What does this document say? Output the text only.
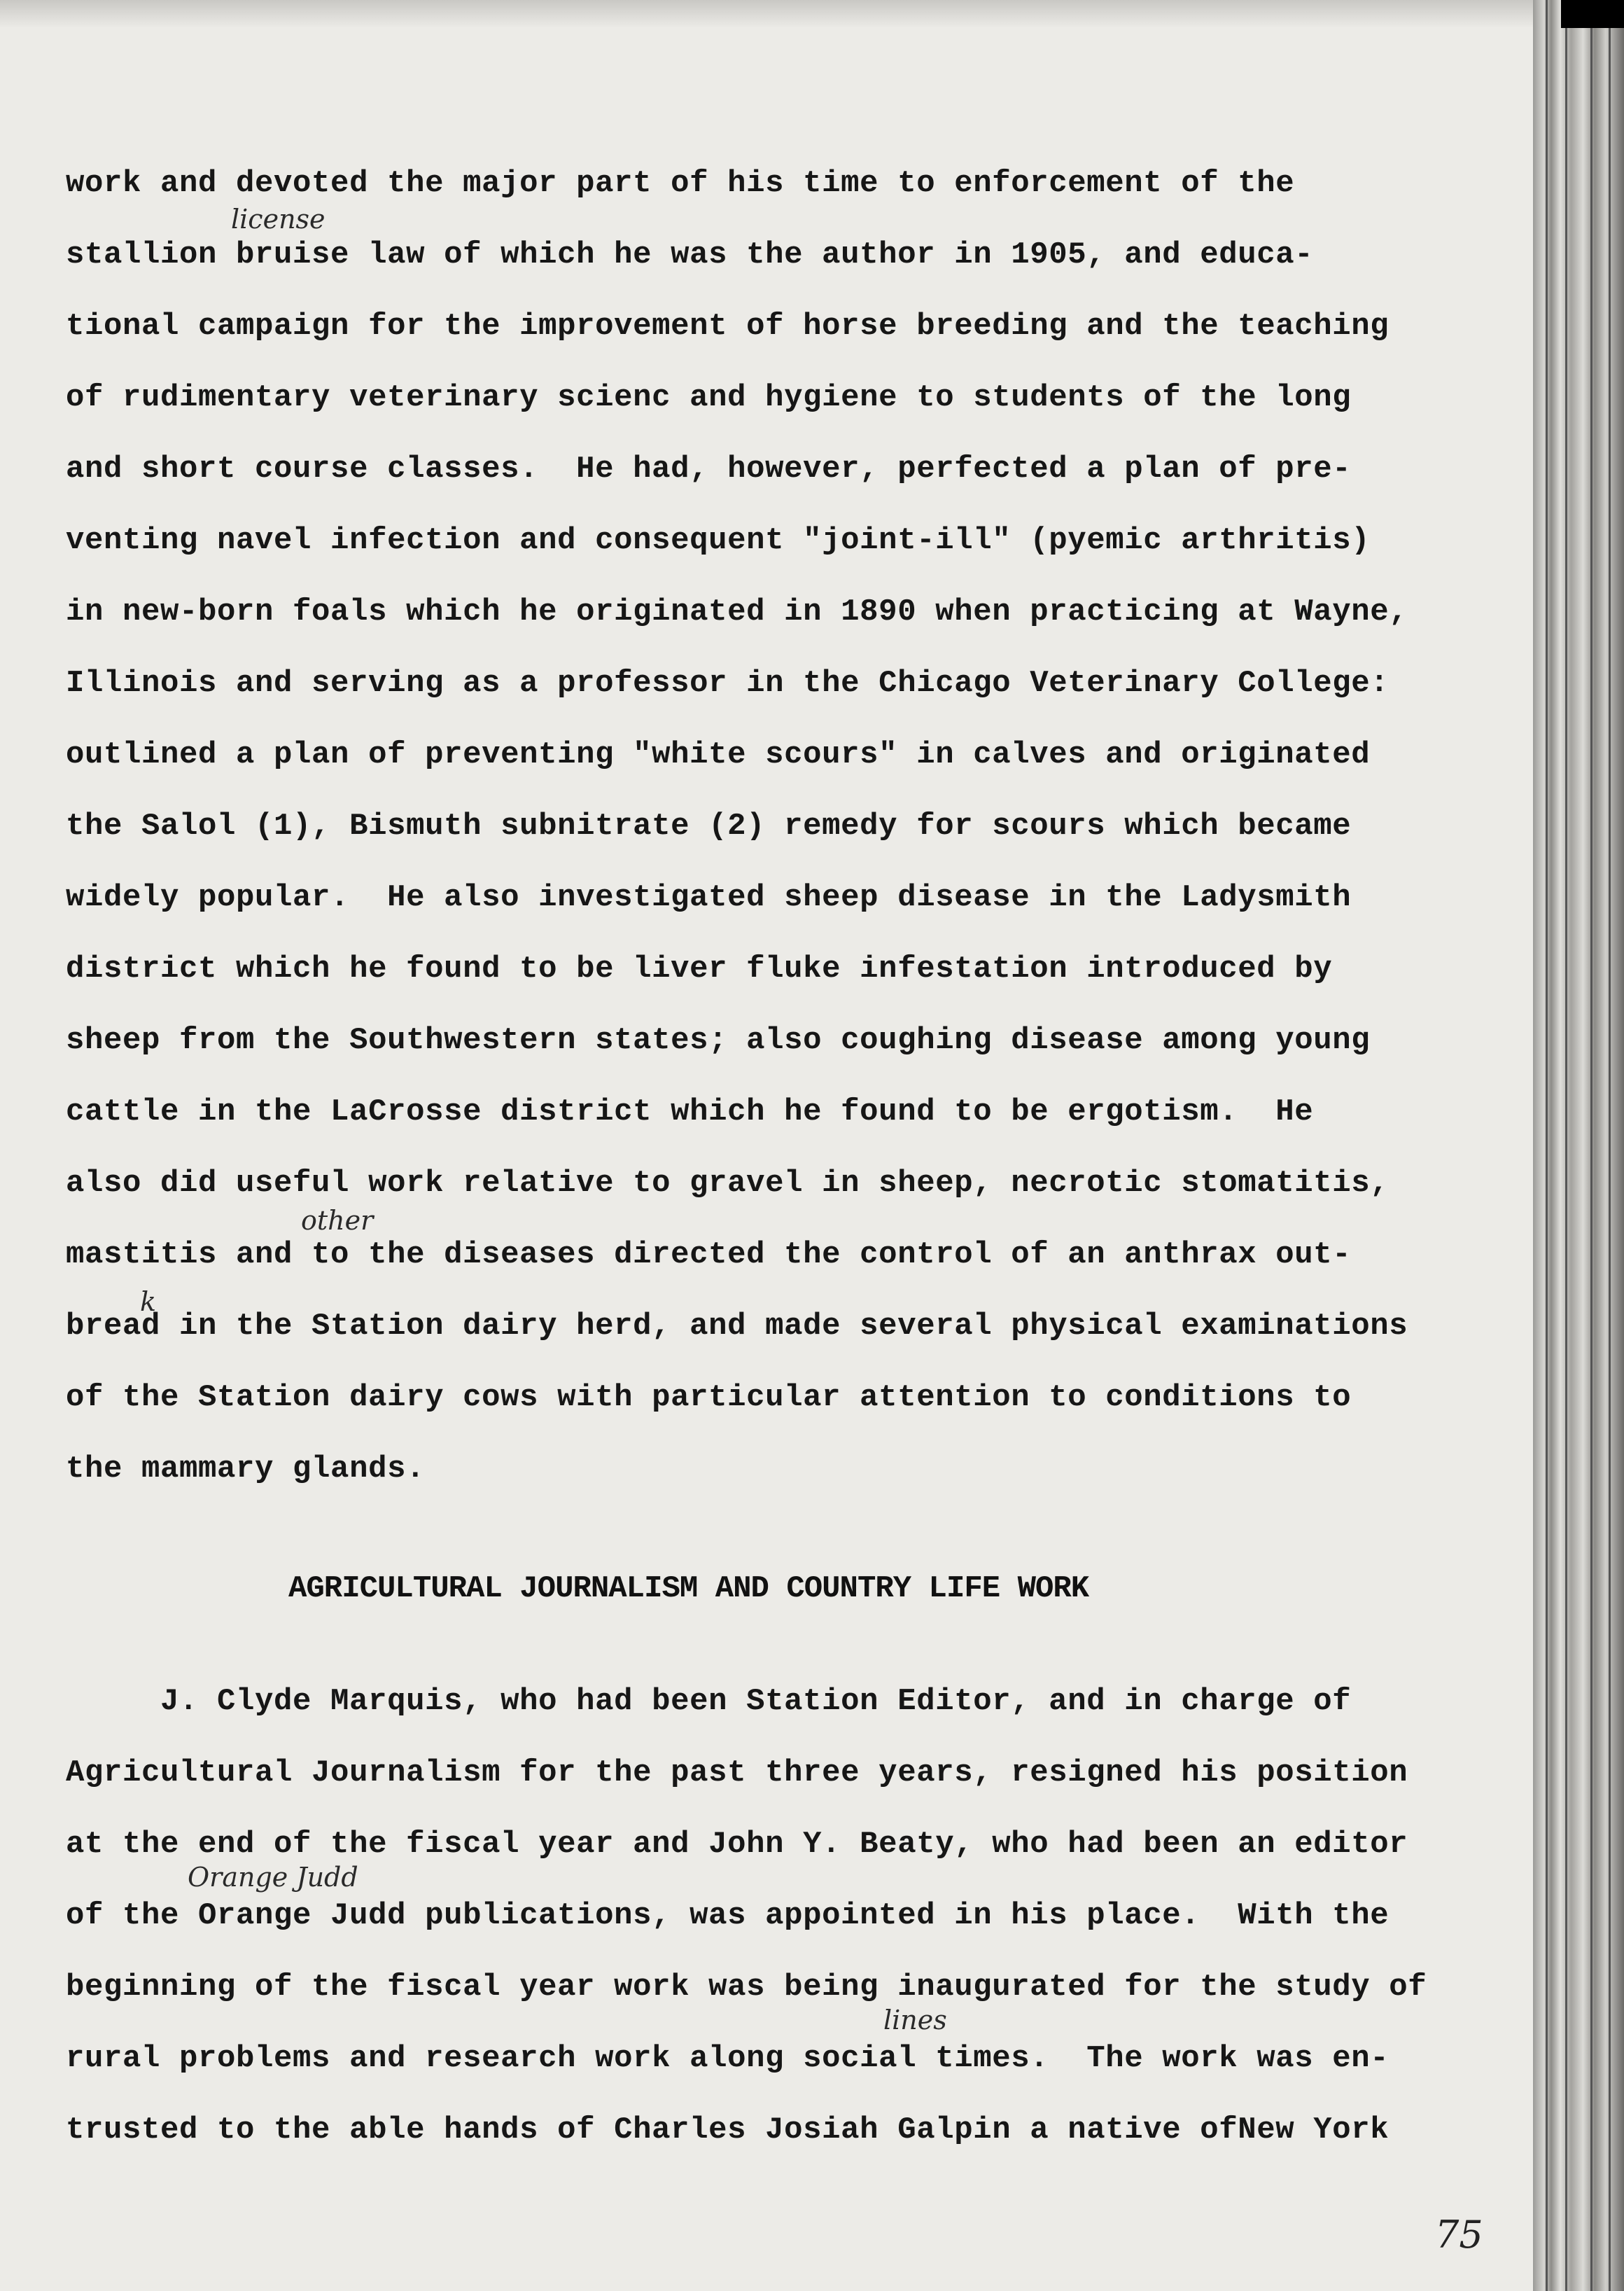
work and devoted the major part of his time to enforcement of the

stallion bruise law of which he was the author in 1905, and educa-

tional campaign for the improvement of horse breeding and the teaching

of rudimentary veterinary scienc and hygiene to students of the long

and short course classes.  He had, however, perfected a plan of pre-

venting navel infection and consequent "joint-ill" (pyemic arthritis)

in new-born foals which he originated in 1890 when practicing at Wayne,

Illinois and serving as a professor in the Chicago Veterinary College:

outlined a plan of preventing "white scours" in calves and originated

the Salol (1), Bismuth subnitrate (2) remedy for scours which became

widely popular.  He also investigated sheep disease in the Ladysmith

district which he found to be liver fluke infestation introduced by

sheep from the Southwestern states; also coughing disease among young

cattle in the LaCrosse district which he found to be ergotism.  He

also did useful work relative to gravel in sheep, necrotic stomatitis,

mastitis and to the diseases directed the control of an anthrax out-

bread in the Station dairy herd, and made several physical examinations

of the Station dairy cows with particular attention to conditions to

the mammary glands.

AGRICULTURAL JOURNALISM AND COUNTRY LIFE WORK

J. Clyde Marquis, who had been Station Editor, and in charge of

Agricultural Journalism for the past three years, resigned his position

at the end of the fiscal year and John Y. Beaty, who had been an editor

of the Orange Judd publications, was appointed in his place.  With the

beginning of the fiscal year work was being inaugurated for the study of

rural problems and research work along social times.  The work was en-

trusted to the able hands of Charles Josiah Galpin a native ofNew York

license

other

k

Orange Judd

lines

75
